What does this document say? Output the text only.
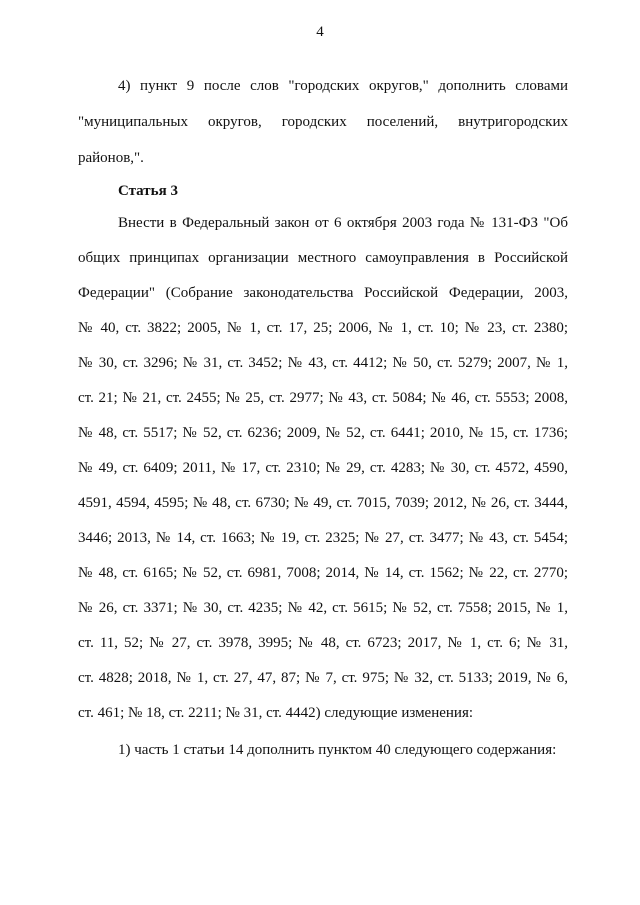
4
4) пункт 9 после слов "городских округов," дополнить словами
"муниципальных округов, городских поселений, внутригородских
районов,".
Статья 3
Внести в Федеральный закон от 6 октября 2003 года № 131-ФЗ "Об
общих принципах организации местного самоуправления в Российской
Федерации" (Собрание законодательства Российской Федерации, 2003,
№ 40, ст. 3822; 2005, № 1, ст. 17, 25; 2006, № 1, ст. 10; № 23, ст. 2380;
№ 30, ст. 3296; № 31, ст. 3452; № 43, ст. 4412; № 50, ст. 5279; 2007, № 1,
ст. 21; № 21, ст. 2455; № 25, ст. 2977; № 43, ст. 5084; № 46, ст. 5553; 2008,
№ 48, ст. 5517; № 52, ст. 6236; 2009, № 52, ст. 6441; 2010, № 15, ст. 1736;
№ 49, ст. 6409; 2011, № 17, ст. 2310; № 29, ст. 4283; № 30, ст. 4572, 4590,
4591, 4594, 4595; № 48, ст. 6730; № 49, ст. 7015, 7039; 2012, № 26, ст. 3444,
3446; 2013, № 14, ст. 1663; № 19, ст. 2325; № 27, ст. 3477; № 43, ст. 5454;
№ 48, ст. 6165; № 52, ст. 6981, 7008; 2014, № 14, ст. 1562; № 22, ст. 2770;
№ 26, ст. 3371; № 30, ст. 4235; № 42, ст. 5615; № 52, ст. 7558; 2015, № 1,
ст. 11, 52; № 27, ст. 3978, 3995; № 48, ст. 6723; 2017, № 1, ст. 6; № 31,
ст. 4828; 2018, № 1, ст. 27, 47, 87; № 7, ст. 975; № 32, ст. 5133; 2019, № 6,
ст. 461; № 18, ст. 2211; № 31, ст. 4442) следующие изменения:
1) часть 1 статьи 14 дополнить пунктом 40 следующего содержания:
